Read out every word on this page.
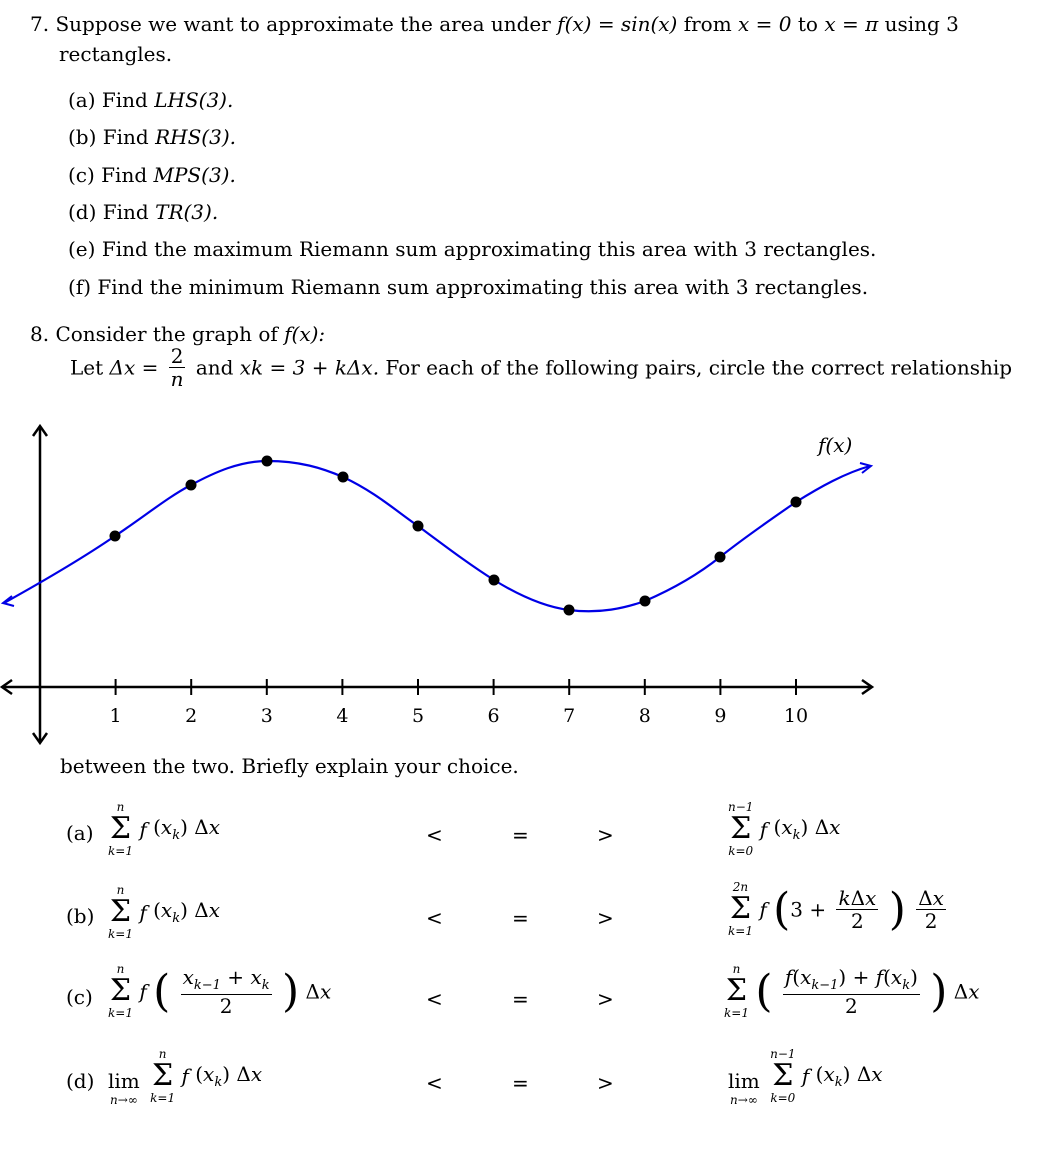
7. Suppose we want to approximate the area under f(x) = sin(x) from x = 0 to x = π using 3
rectangles.
(a) Find LHS(3).
(b) Find RHS(3).
(c) Find MPS(3).
(d) Find TR(3).
(e) Find the maximum Riemann sum approximating this area with 3 rectangles.
(f) Find the minimum Riemann sum approximating this area with 3 rectangles.
8. Consider the graph of f(x):
Let $\Delta x = \frac{2}{n}$ and xk = 3 + kΔx. For each of the following pairs, circle the correct relationship
1	2	3	4	5	6	7	8	9	10
f(x)
between the two. Briefly explain your choice.
(a)
n
Σ
k=1
f $(x_k)$ Δx	<	=	>
n−1
Σ
k=0
f $(x_k)$ Δx
(b)
n
Σ
k=1
f $(x_k)$ Δx	<	=	>
2n
Σ
k=1
f ($3 + \frac{\text{kΔx}}{2}$ ) $\frac{\Delta x}{2}$
(c)
n
Σ
k=1
f ( $\frac{x_{k-1} + x_k}{2}$ ) Δx	<	=	>
n
Σ
k=1 ( $\frac{f(x_{k-1}) + f(x_k)}{2}$ ) Δx
(d)
lim
n→∞

n
Σ
k=1
f $(x_k)$ Δx	<	=	>
	lim
n→∞

n−1
Σ
k=0
f $(x_k)$ Δx
